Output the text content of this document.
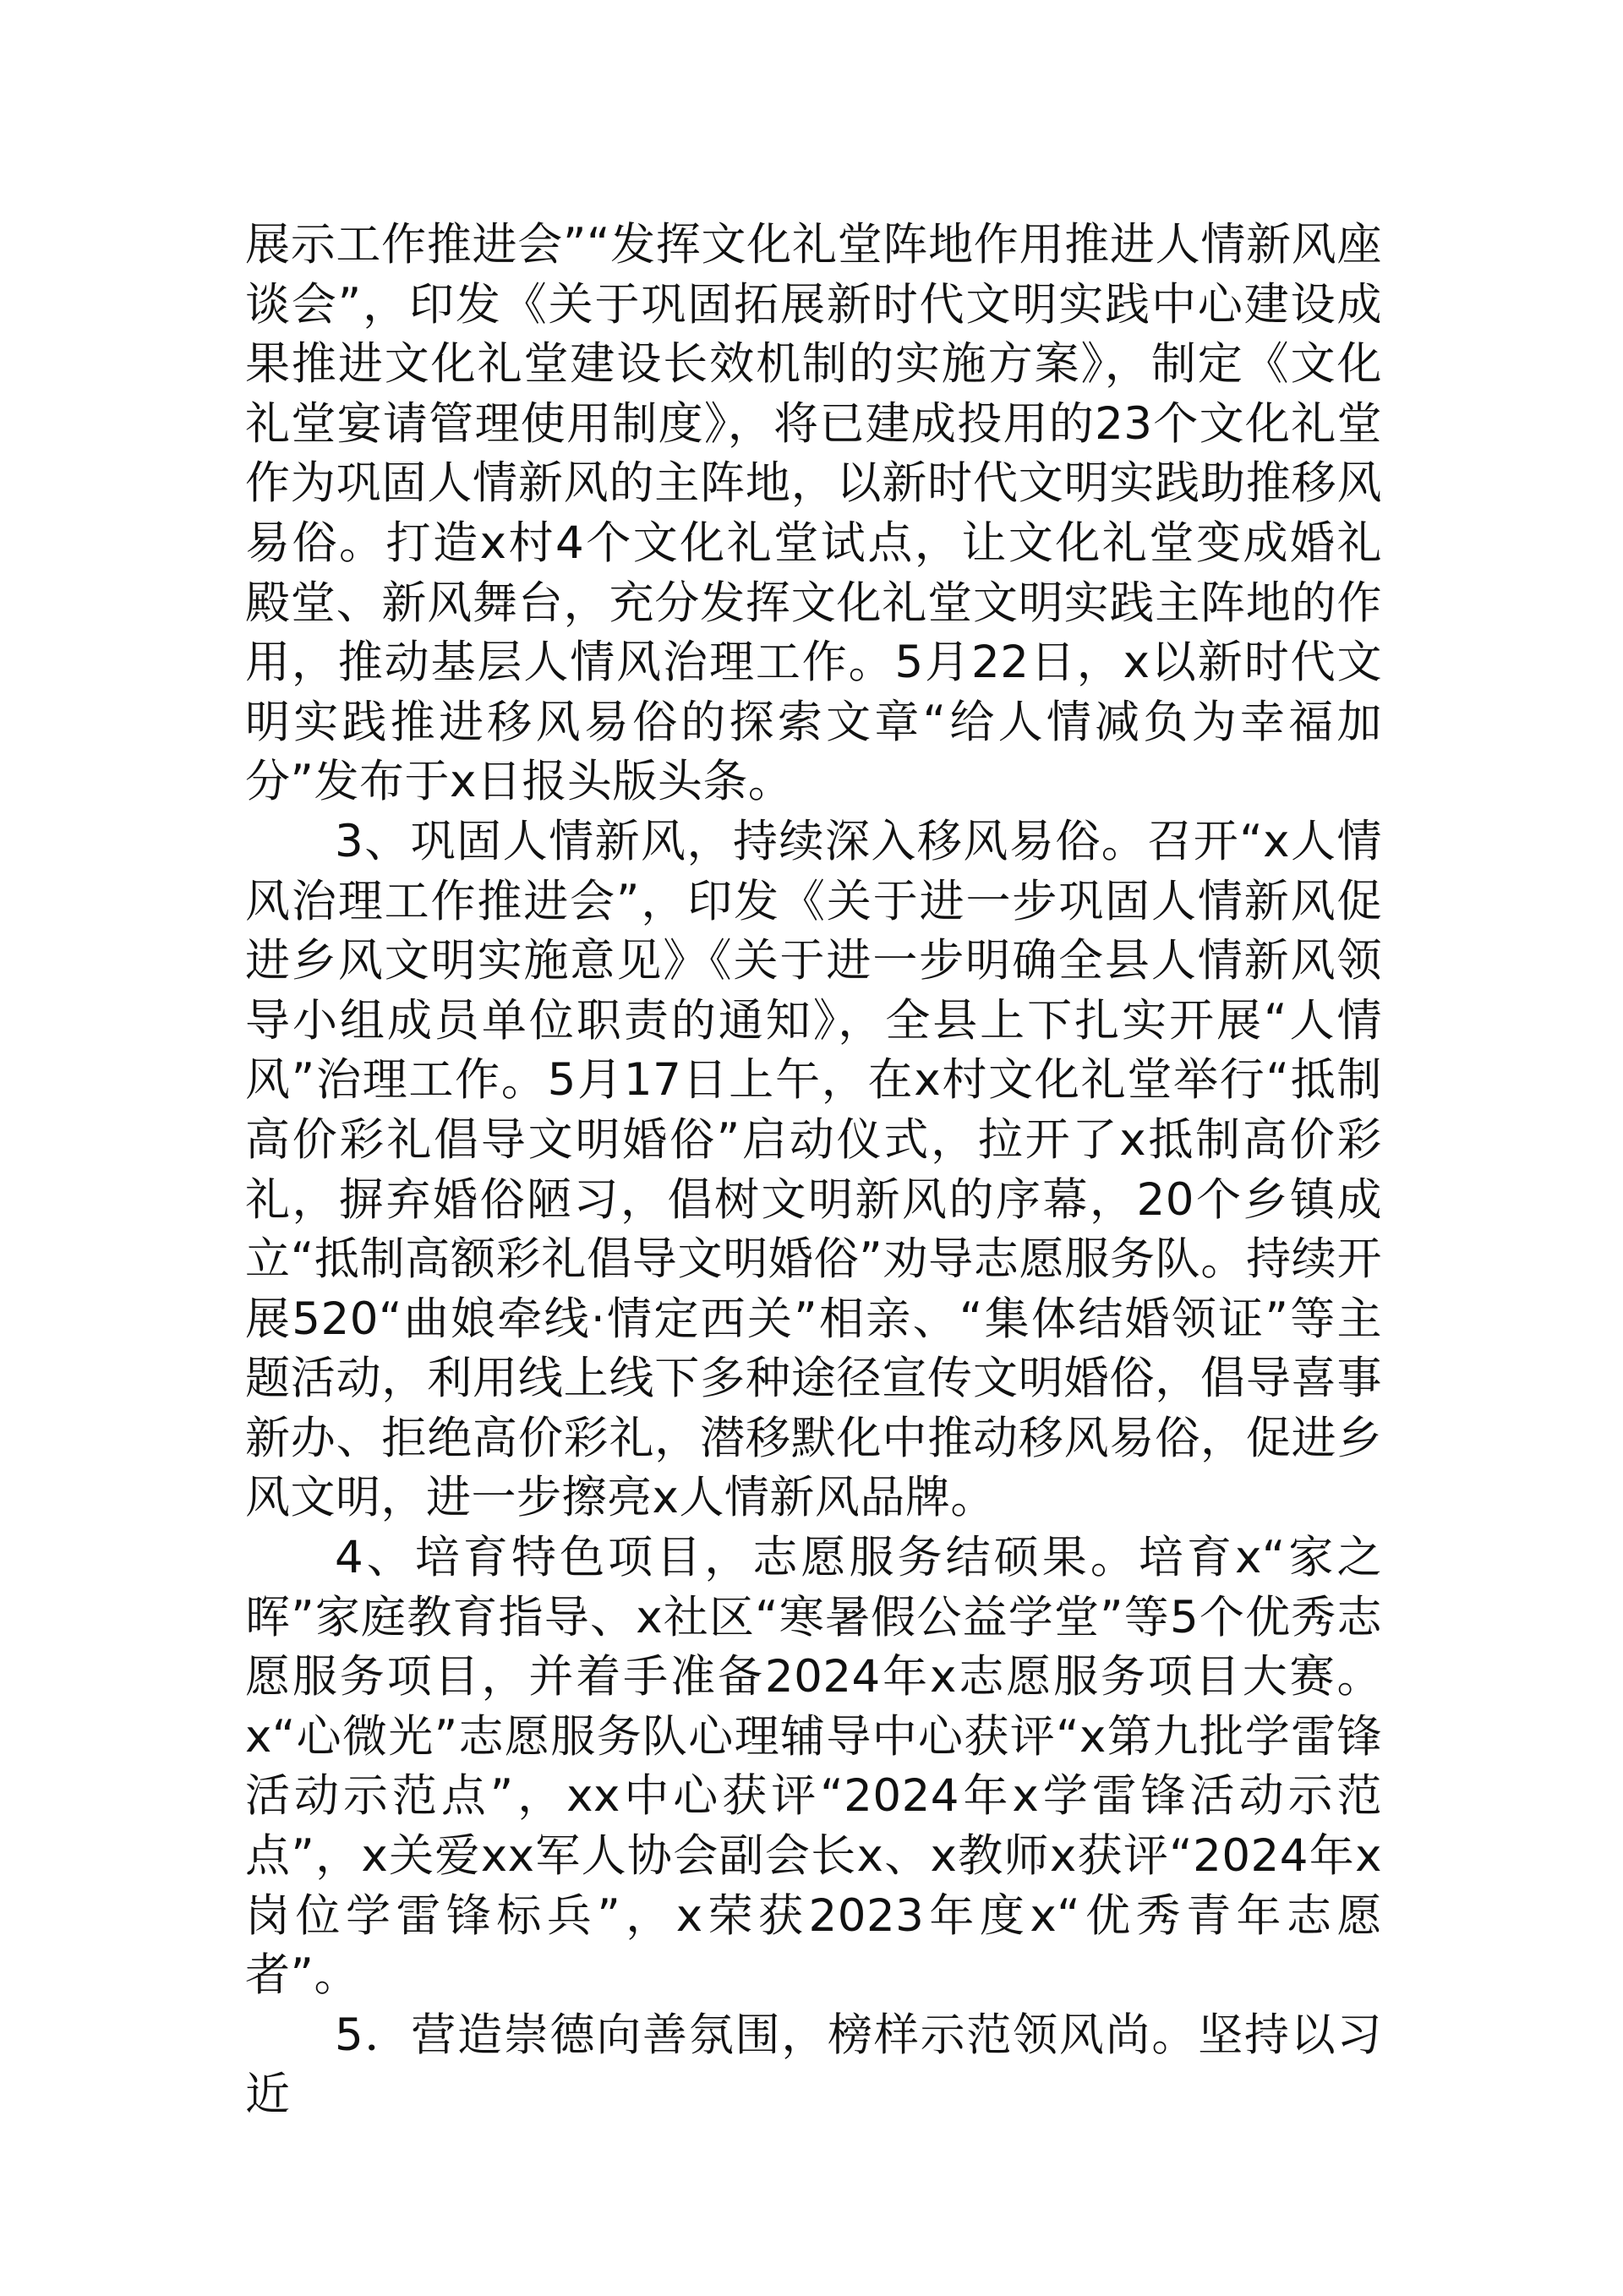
展示工作推进会”“发挥文化礼堂阵地作用推进人情新风座谈会”，印发《关于巩固拓展新时代文明实践中心建设成果推进文化礼堂建设长效机制的实施方案》，制定《文化礼堂宴请管理使用制度》，将已建成投用的23个文化礼堂作为巩固人情新风的主阵地，以新时代文明实践助推移风易俗。打造x村4个文化礼堂试点，让文化礼堂变成婚礼殿堂、新风舞台，充分发挥文化礼堂文明实践主阵地的作用，推动基层人情风治理工作。5月22日，x以新时代文明实践推进移风易俗的探索文章“给人情减负为幸福加分”发布于x日报头版头条。

3、巩固人情新风，持续深入移风易俗。召开“x人情风治理工作推进会”，印发《关于进一步巩固人情新风促进乡风文明实施意见》《关于进一步明确全县人情新风领导小组成员单位职责的通知》，全县上下扎实开展“人情风”治理工作。5月17日上午，在x村文化礼堂举行“抵制高价彩礼倡导文明婚俗”启动仪式，拉开了x抵制高价彩礼，摒弃婚俗陋习，倡树文明新风的序幕，20个乡镇成立“抵制高额彩礼倡导文明婚俗”劝导志愿服务队。持续开展520“曲娘牵线·情定西关”相亲、“集体结婚领证”等主题活动，利用线上线下多种途径宣传文明婚俗，倡导喜事新办、拒绝高价彩礼，潜移默化中推动移风易俗，促进乡风文明，进一步擦亮x人情新风品牌。

4、培育特色项目，志愿服务结硕果。培育x“家之晖”家庭教育指导、x社区“寒暑假公益学堂”等5个优秀志愿服务项目，并着手准备2024年x志愿服务项目大赛。x“心微光”志愿服务队心理辅导中心获评“x第九批学雷锋活动示范点”，xx中心获评“2024年x学雷锋活动示范点”，x关爱xx军人协会副会长x、x教师x获评“2024年x岗位学雷锋标兵”，x荣获2023年度x“优秀青年志愿者”。

5．营造崇德向善氛围，榜样示范领风尚。坚持以习近
